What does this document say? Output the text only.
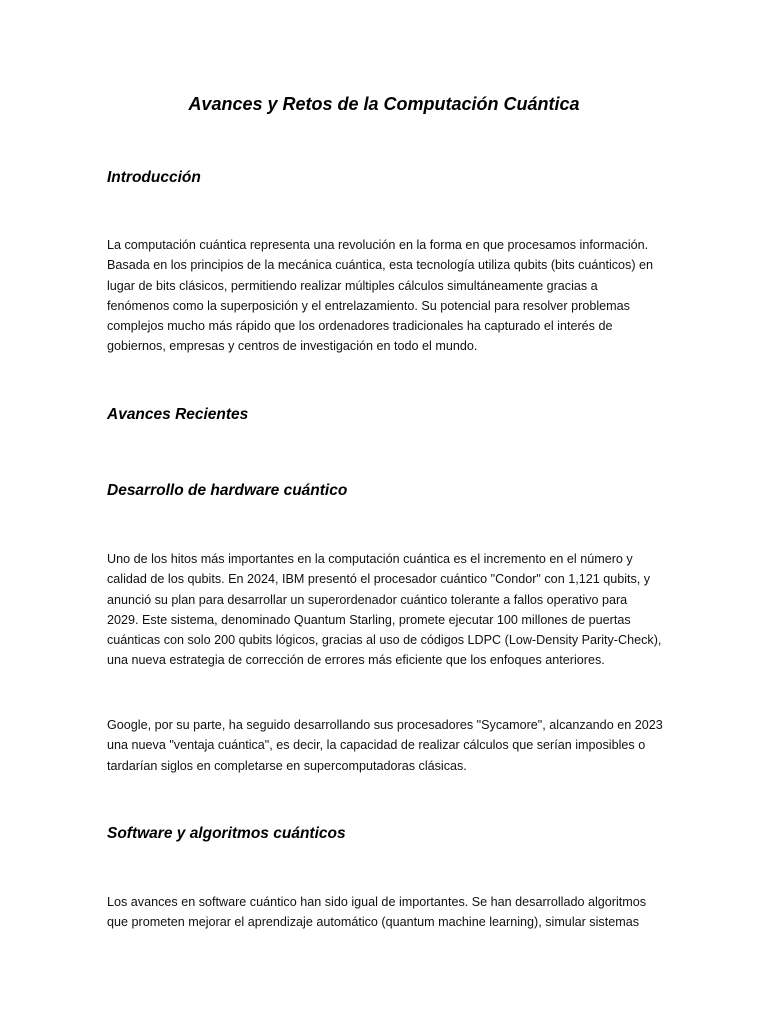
Avances y Retos de la Computación Cuántica
Introducción

La computación cuántica representa una revolución en la forma en que procesamos información.
Basada en los principios de la mecánica cuántica, esta tecnología utiliza qubits (bits cuánticos) en
lugar de bits clásicos, permitiendo realizar múltiples cálculos simultáneamente gracias a
fenómenos como la superposición y el entrelazamiento. Su potencial para resolver problemas
complejos mucho más rápido que los ordenadores tradicionales ha capturado el interés de
gobiernos, empresas y centros de investigación en todo el mundo.

Avances Recientes
Desarrollo de hardware cuántico

Uno de los hitos más importantes en la computación cuántica es el incremento en el número y
calidad de los qubits. En 2024, IBM presentó el procesador cuántico "Condor" con 1,121 qubits, y
anunció su plan para desarrollar un superordenador cuántico tolerante a fallos operativo para
2029. Este sistema, denominado Quantum Starling, promete ejecutar 100 millones de puertas
cuánticas con solo 200 qubits lógicos, gracias al uso de códigos LDPC (Low-Density Parity-Check),
una nueva estrategia de corrección de errores más eficiente que los enfoques anteriores.

Google, por su parte, ha seguido desarrollando sus procesadores "Sycamore", alcanzando en 2023
una nueva "ventaja cuántica", es decir, la capacidad de realizar cálculos que serían imposibles o
tardarían siglos en completarse en supercomputadoras clásicas.

Software y algoritmos cuánticos

Los avances en software cuántico han sido igual de importantes. Se han desarrollado algoritmos
que prometen mejorar el aprendizaje automático (quantum machine learning), simular sistemas
